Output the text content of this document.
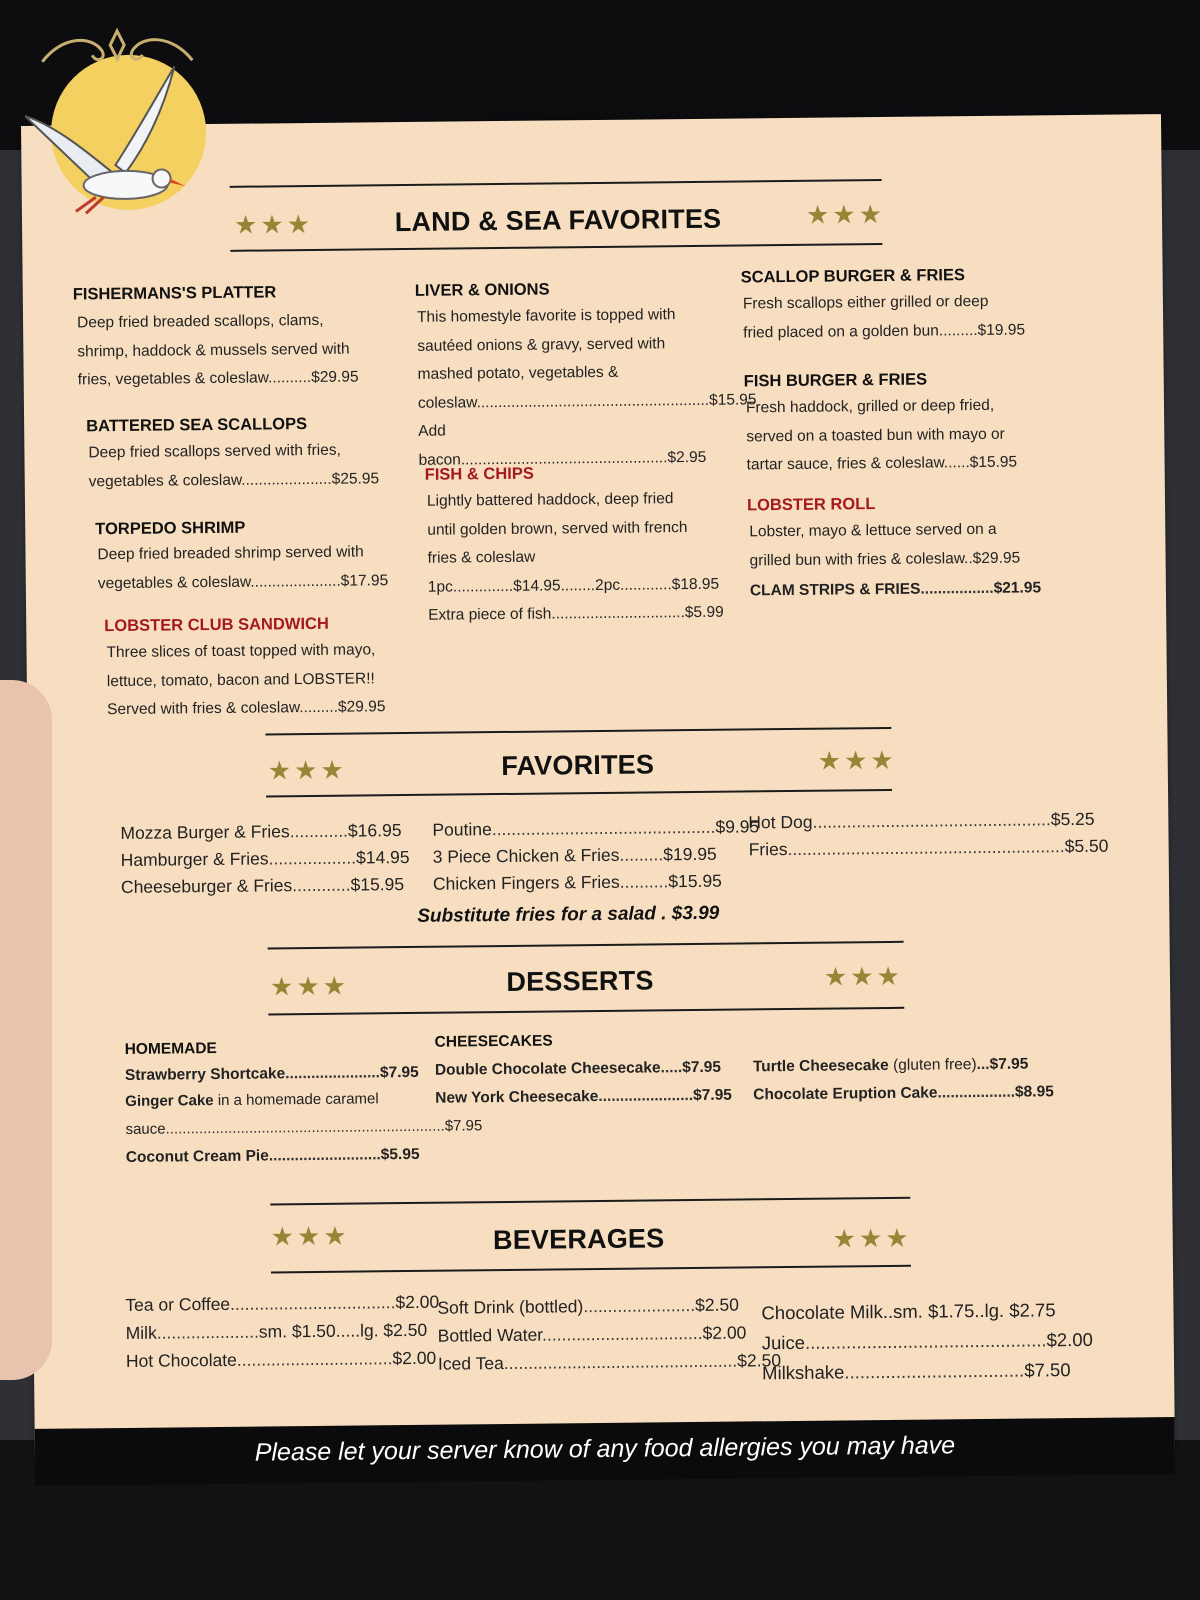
★★★	LAND & SEA FAVORITES	★★★
FISHERMANS'S PLATTER
Deep fried breaded scallops, clams,
shrimp, haddock & mussels served with
fries, vegetables & coleslaw..........$29.95
BATTERED SEA SCALLOPS
Deep fried scallops served with fries,
vegetables & coleslaw.....................$25.95
TORPEDO SHRIMP
Deep fried breaded shrimp served with
vegetables & coleslaw.....................$17.95
LOBSTER CLUB SANDWICH
Three slices of toast topped with mayo,
lettuce, tomato, bacon and LOBSTER!!
Served with fries & coleslaw.........$29.95
LIVER & ONIONS
This homestyle favorite is topped with
sautéed onions & gravy, served with
mashed potato, vegetables &
coleslaw......................................................$15.95
Add bacon................................................$2.95
FISH & CHIPS
Lightly battered haddock, deep fried
until golden brown, served with french
fries & coleslaw
1pc..............$14.95........2pc............$18.95
Extra piece of fish...............................$5.99
SCALLOP BURGER & FRIES
Fresh scallops either grilled or deep
fried placed on a golden bun.........$19.95
FISH BURGER & FRIES
Fresh haddock, grilled or deep fried,
served on a toasted bun with mayo or
tartar sauce, fries & coleslaw......$15.95
LOBSTER ROLL
Lobster, mayo & lettuce served on a
grilled bun with fries & coleslaw..$29.95
CLAM STRIPS & FRIES.................$21.95
★★★	FAVORITES	★★★
Mozza Burger & Fries............$16.95
Hamburger & Fries..................$14.95
Cheeseburger & Fries............$15.95
Poutine..............................................$9.95
3 Piece Chicken & Fries.........$19.95
Chicken Fingers & Fries..........$15.95
Hot Dog.................................................$5.25
Fries.........................................................$5.50
Substitute fries for a salad . $3.99
★★★	DESSERTS	★★★
HOMEMADE
Strawberry Shortcake......................$7.95
Ginger Cake in a homemade caramel
sauce...................................................................$7.95
Coconut Cream Pie..........................$5.95
CHEESECAKES
Double Chocolate Cheesecake.....$7.95
New York Cheesecake......................$7.95
Turtle Cheesecake (gluten free)...$7.95
Chocolate Eruption Cake..................$8.95
★★★	BEVERAGES	★★★
Tea or Coffee..................................$2.00
Milk.....................sm. $1.50.....lg. $2.50
Hot Chocolate................................$2.00
Soft Drink (bottled).......................$2.50
Bottled Water.................................$2.00
Iced Tea................................................$2.50
Chocolate Milk..sm. $1.75..lg. $2.75
Juice...............................................$2.00
Milkshake...................................$7.50
Please let your server know of any food allergies you may have
